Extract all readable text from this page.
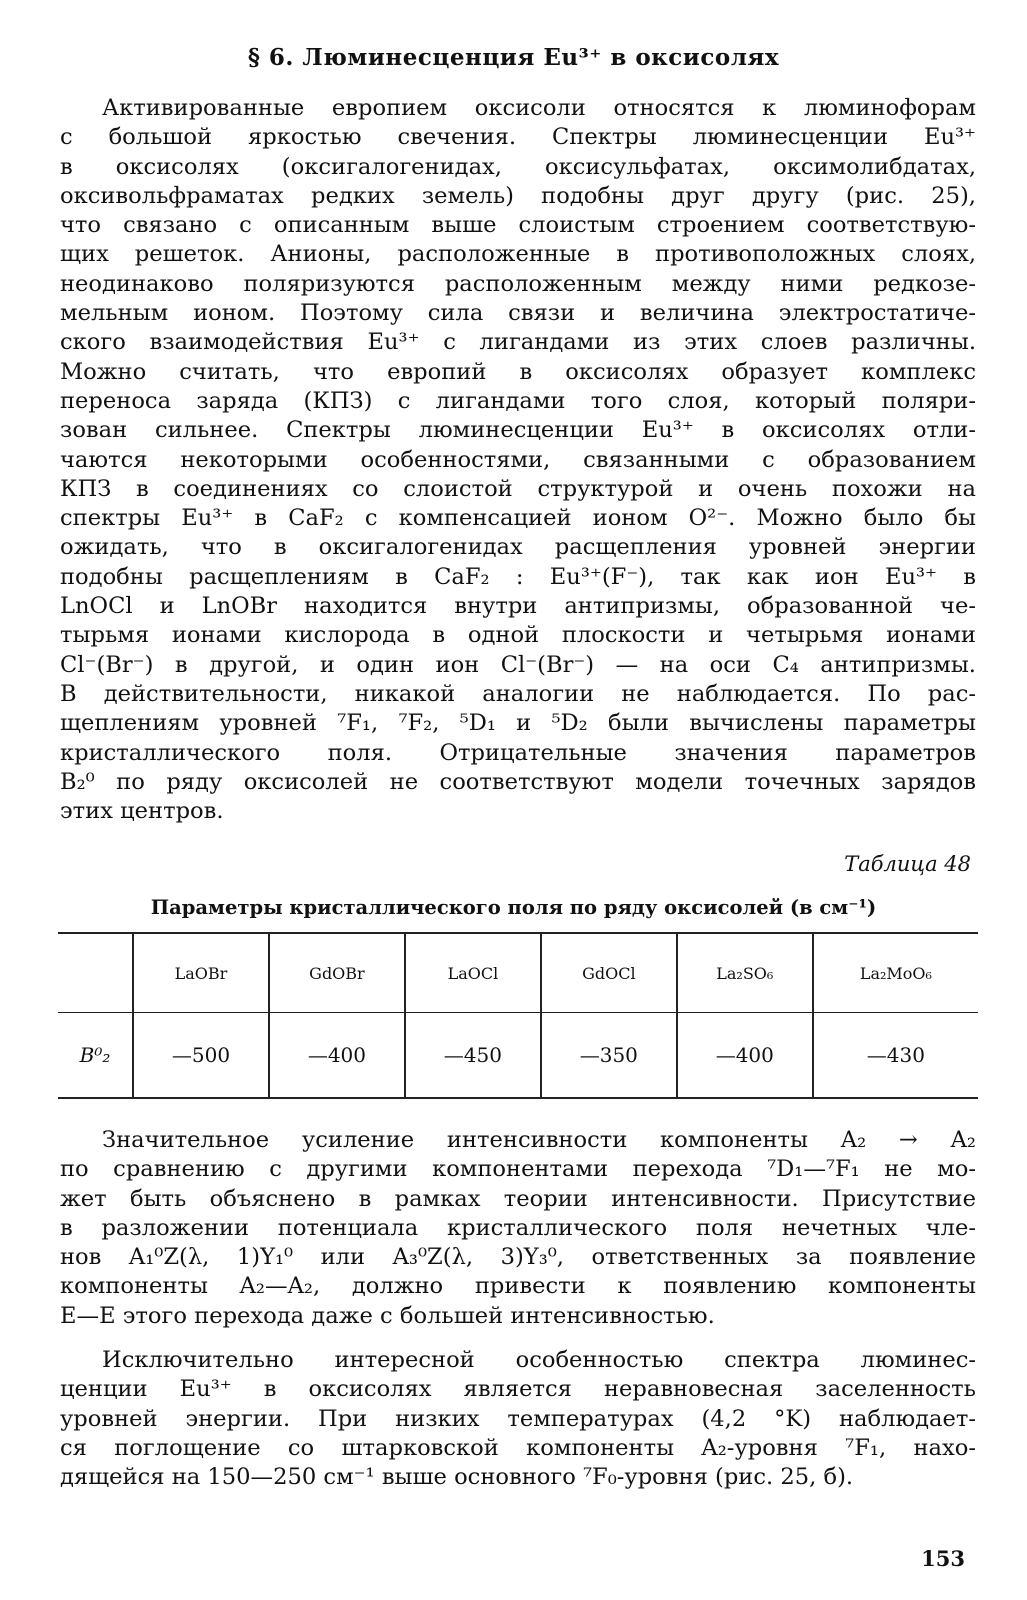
§ 6. Люминесценция Eu³⁺ в оксисолях
Активированные европием оксисоли относятся к люминофорам
с большой яркостью свечения. Спектры люминесценции Eu³⁺
в оксисолях (оксигалогенидах, оксисульфатах, оксимолибдатах,
оксивольфраматах редких земель) подобны друг другу (рис. 25),
что связано с описанным выше слоистым строением соответствую-
щих решеток. Анионы, расположенные в противоположных слоях,
неодинаково поляризуются расположенным между ними редкозе-
мельным ионом. Поэтому сила связи и величина электростатиче-
ского взаимодействия Eu³⁺ с лигандами из этих слоев различны.
Можно считать, что европий в оксисолях образует комплекс
переноса заряда (КПЗ) с лигандами того слоя, который поляри-
зован сильнее. Спектры люминесценции Eu³⁺ в оксисолях отли-
чаются некоторыми особенностями, связанными с образованием
КПЗ в соединениях со слоистой структурой и очень похожи на
спектры Eu³⁺ в CaF₂ с компенсацией ионом O²⁻. Можно было бы
ожидать, что в оксигалогенидах расщепления уровней энергии
подобны расщеплениям в CaF₂ : Eu³⁺(F⁻), так как ион Eu³⁺ в
LnOCl и LnOBr находится внутри антипризмы, образованной че-
тырьмя ионами кислорода в одной плоскости и четырьмя ионами
Cl⁻(Br⁻) в другой, и один ион Cl⁻(Br⁻) — на оси C₄ антипризмы.
В действительности, никакой аналогии не наблюдается. По рас-
щеплениям уровней ⁷F₁, ⁷F₂, ⁵D₁ и ⁵D₂ были вычислены параметры
кристаллического поля. Отрицательные значения параметров
B₂⁰ по ряду оксисолей не соответствуют модели точечных зарядов
этих центров.
Таблица 48
Параметры кристаллического поля по ряду оксисолей (в см⁻¹)
	LaOBr	GdOBr	LaOCl	GdOCl	La₂SO₆	La₂MoO₆
B⁰₂	—500	—400	—450	—350	—400	—430
Значительное усиление интенсивности компоненты A₂ → A₂
по сравнению с другими компонентами перехода ⁷D₁—⁷F₁ не мо-
жет быть объяснено в рамках теории интенсивности. Присутствие
в разложении потенциала кристаллического поля нечетных чле-
нов A₁⁰Z(λ, 1)Y₁⁰ или A₃⁰Z(λ, 3)Y₃⁰, ответственных за появление
компоненты A₂—A₂, должно привести к появлению компоненты
E—E этого перехода даже с большей интенсивностью.
Исключительно интересной особенностью спектра люминес-
ценции Eu³⁺ в оксисолях является неравновесная заселенность
уровней энергии. При низких температурах (4,2 °K) наблюдает-
ся поглощение со штарковской компоненты A₂-уровня ⁷F₁, нахо-
дящейся на 150—250 см⁻¹ выше основного ⁷F₀-уровня (рис. 25, б).
153
